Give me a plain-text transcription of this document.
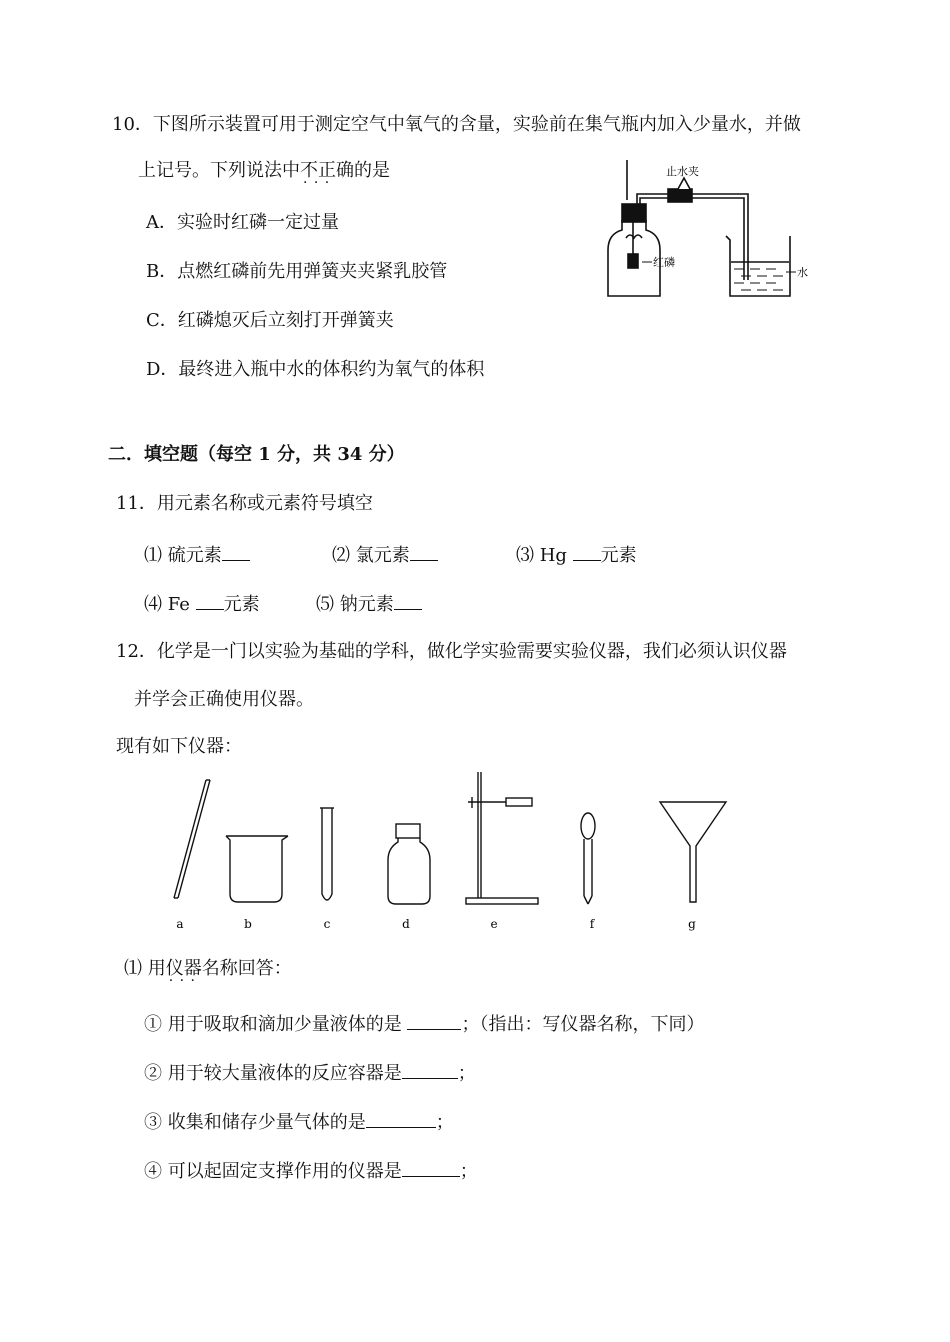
10．下图所示装置可用于测定空气中氧气的含量，实验前在集气瓶内加入少量水，并做
上记号。下列说法中不正确 · · ·的是
A．实验时红磷一定过量
B．点燃红磷前先用弹簧夹夹紧乳胶管
C．红磷熄灭后立刻打开弹簧夹
D．最终进入瓶中水的体积约为氧气的体积
止水夹
红磷
水
二．填空题（每空 1 分，共 34 分）
11．用元素名称或元素符号填空
⑴ 硫元素	⑵ 氯元素	⑶ Hg 元素
⑷ Fe 元素	⑸ 钠元素
12．化学是一门以实验为基础的学科，做化学实验需要实验仪器，我们必须认识仪器
并学会正确使用仪器。
现有如下仪器：
a	b	c	d	e	f	g
⑴ 用仪器名称 · · ·回答：
① 用于吸取和滴加少量液体的是	；（指出：写仪器名称，下同）
② 用于较大量液体的反应容器是	；
③ 收集和储存少量气体的是	；
④ 可以起固定支撑作用的仪器是	；
